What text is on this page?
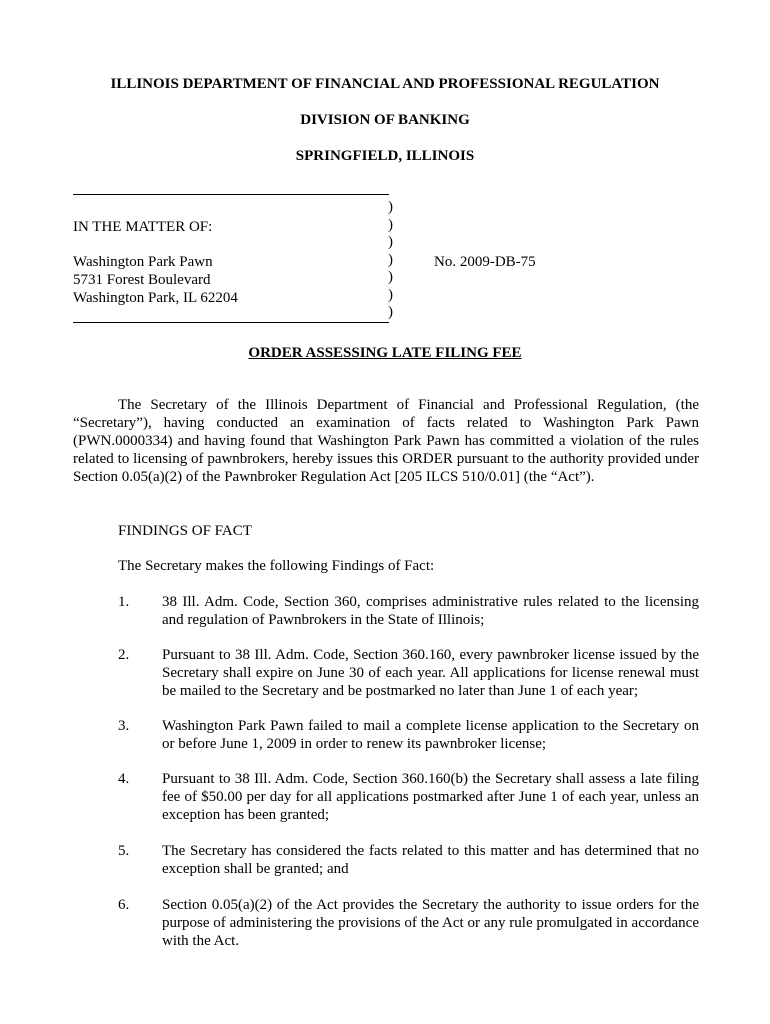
ILLINOIS DEPARTMENT OF FINANCIAL AND PROFESSIONAL REGULATION
DIVISION OF BANKING
SPRINGFIELD, ILLINOIS
)
)
)
)
)
)
)
IN THE MATTER OF:
Washington Park Pawn
5731 Forest Boulevard
Washington Park, IL 62204
No. 2009-DB-75
ORDER ASSESSING LATE FILING FEE
The Secretary of the Illinois Department of Financial and Professional Regulation, (the “Secretary”), having conducted an examination of facts related to Washington Park Pawn (PWN.0000334) and having found that Washington Park Pawn has committed a violation of the rules related to licensing of pawnbrokers, hereby issues this ORDER pursuant to the authority provided under Section 0.05(a)(2) of the Pawnbroker Regulation Act [205 ILCS 510/0.01] (the “Act”).
FINDINGS OF FACT
The Secretary makes the following Findings of Fact:
1.	38 Ill. Adm. Code, Section 360, comprises administrative rules related to the licensing and regulation of Pawnbrokers in the State of Illinois;
2.	Pursuant to 38 Ill. Adm. Code, Section 360.160, every pawnbroker license issued by the Secretary shall expire on June 30 of each year. All applications for license renewal must be mailed to the Secretary and be postmarked no later than June 1 of each year;
3.	Washington Park Pawn failed to mail a complete license application to the Secretary on or before June 1, 2009 in order to renew its pawnbroker license;
4.	Pursuant to 38 Ill. Adm. Code, Section 360.160(b) the Secretary shall assess a late filing fee of $50.00 per day for all applications postmarked after June 1 of each year, unless an exception has been granted;
5.	The Secretary has considered the facts related to this matter and has determined that no exception shall be granted; and
6.	Section 0.05(a)(2) of the Act provides the Secretary the authority to issue orders for the purpose of administering the provisions of the Act or any rule promulgated in accordance with the Act.
